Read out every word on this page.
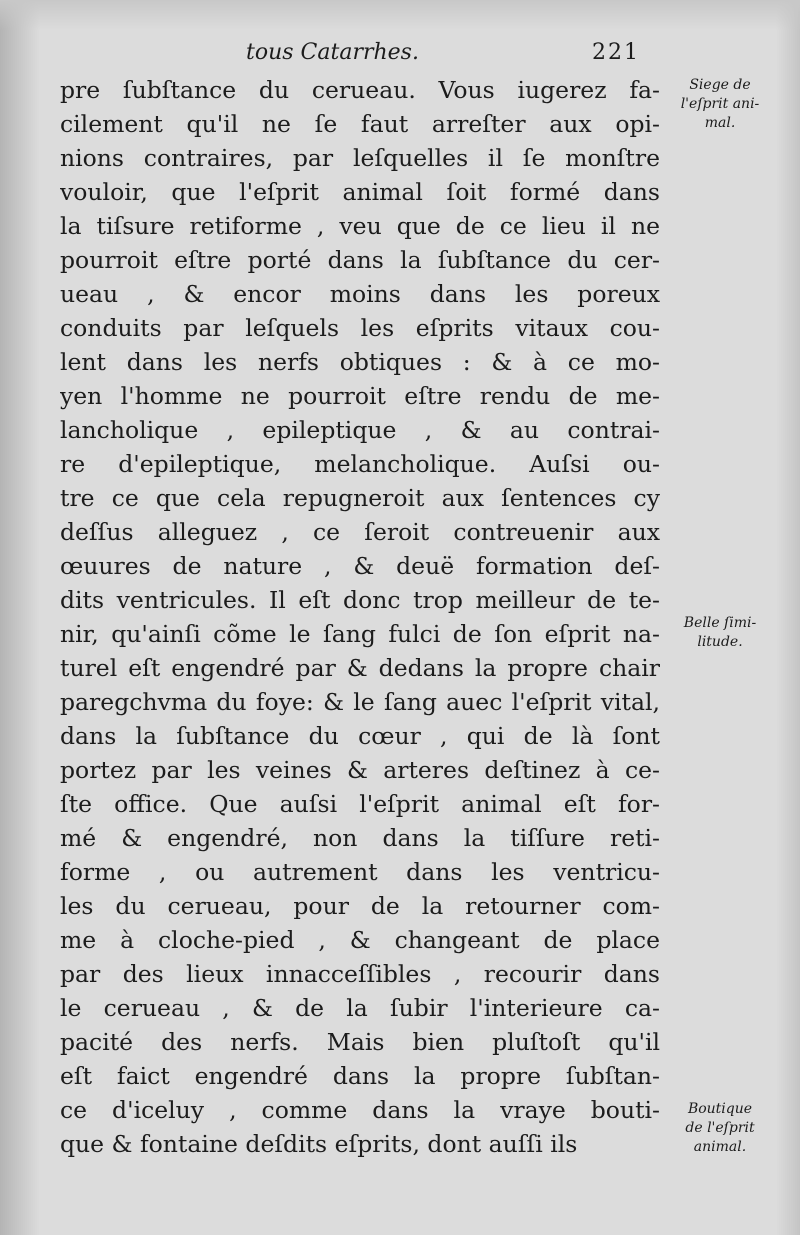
tous Catarrhes.	221
pre ſubſtance du cerueau. Vous iugerez fa-
cilement qu'il ne ſe faut arreſter aux opi-
nions contraires, par leſquelles il ſe monſtre
vouloir, que l'eſprit animal ſoit formé dans
la tiſsure retiforme , veu que de ce lieu il ne
pourroit eſtre porté dans la ſubſtance du cer-
ueau , & encor moins dans les poreux
conduits par leſquels les eſprits vitaux cou-
lent dans les nerfs obtiques : & à ce mo-
yen l'homme ne pourroit eſtre rendu de me-
lancholique , epileptique , & au contrai-
re d'epileptique, melancholique. Auſsi ou-
tre ce que cela repugneroit aux ſentences cy
deſſus alleguez , ce ſeroit contreuenir aux
œuures de nature , & deuë formation deſ-
dits ventricules. Il eſt donc trop meilleur de te-
nir, qu'ainſi cõme le ſang fulci de ſon eſprit na-
turel eſt engendré par & dedans la propre chair
paregchvma du foye: & le ſang auec l'eſprit vital,
dans la ſubſtance du cœur , qui de là ſont
portez par les veines & arteres deſtinez à ce-
ſte office. Que auſsi l'eſprit animal eſt for-
mé & engendré, non dans la tiſſure reti-
forme , ou autrement dans les ventricu-
les du cerueau, pour de la retourner com-
me à cloche-pied , & changeant de place
par des lieux innacceſſibles , recourir dans
le cerueau , & de la ſubir l'interieure ca-
pacité des nerfs. Mais bien pluſtoſt qu'il
eſt faict engendré dans la propre ſubſtan-
ce d'iceluy , comme dans la vraye bouti-
que & fontaine deſdits eſprits, dont auſſi ils
Siege de
l'eſprit ani-
mal.
Belle ſimi-
litude.
Boutique
de l'eſprit
animal.
